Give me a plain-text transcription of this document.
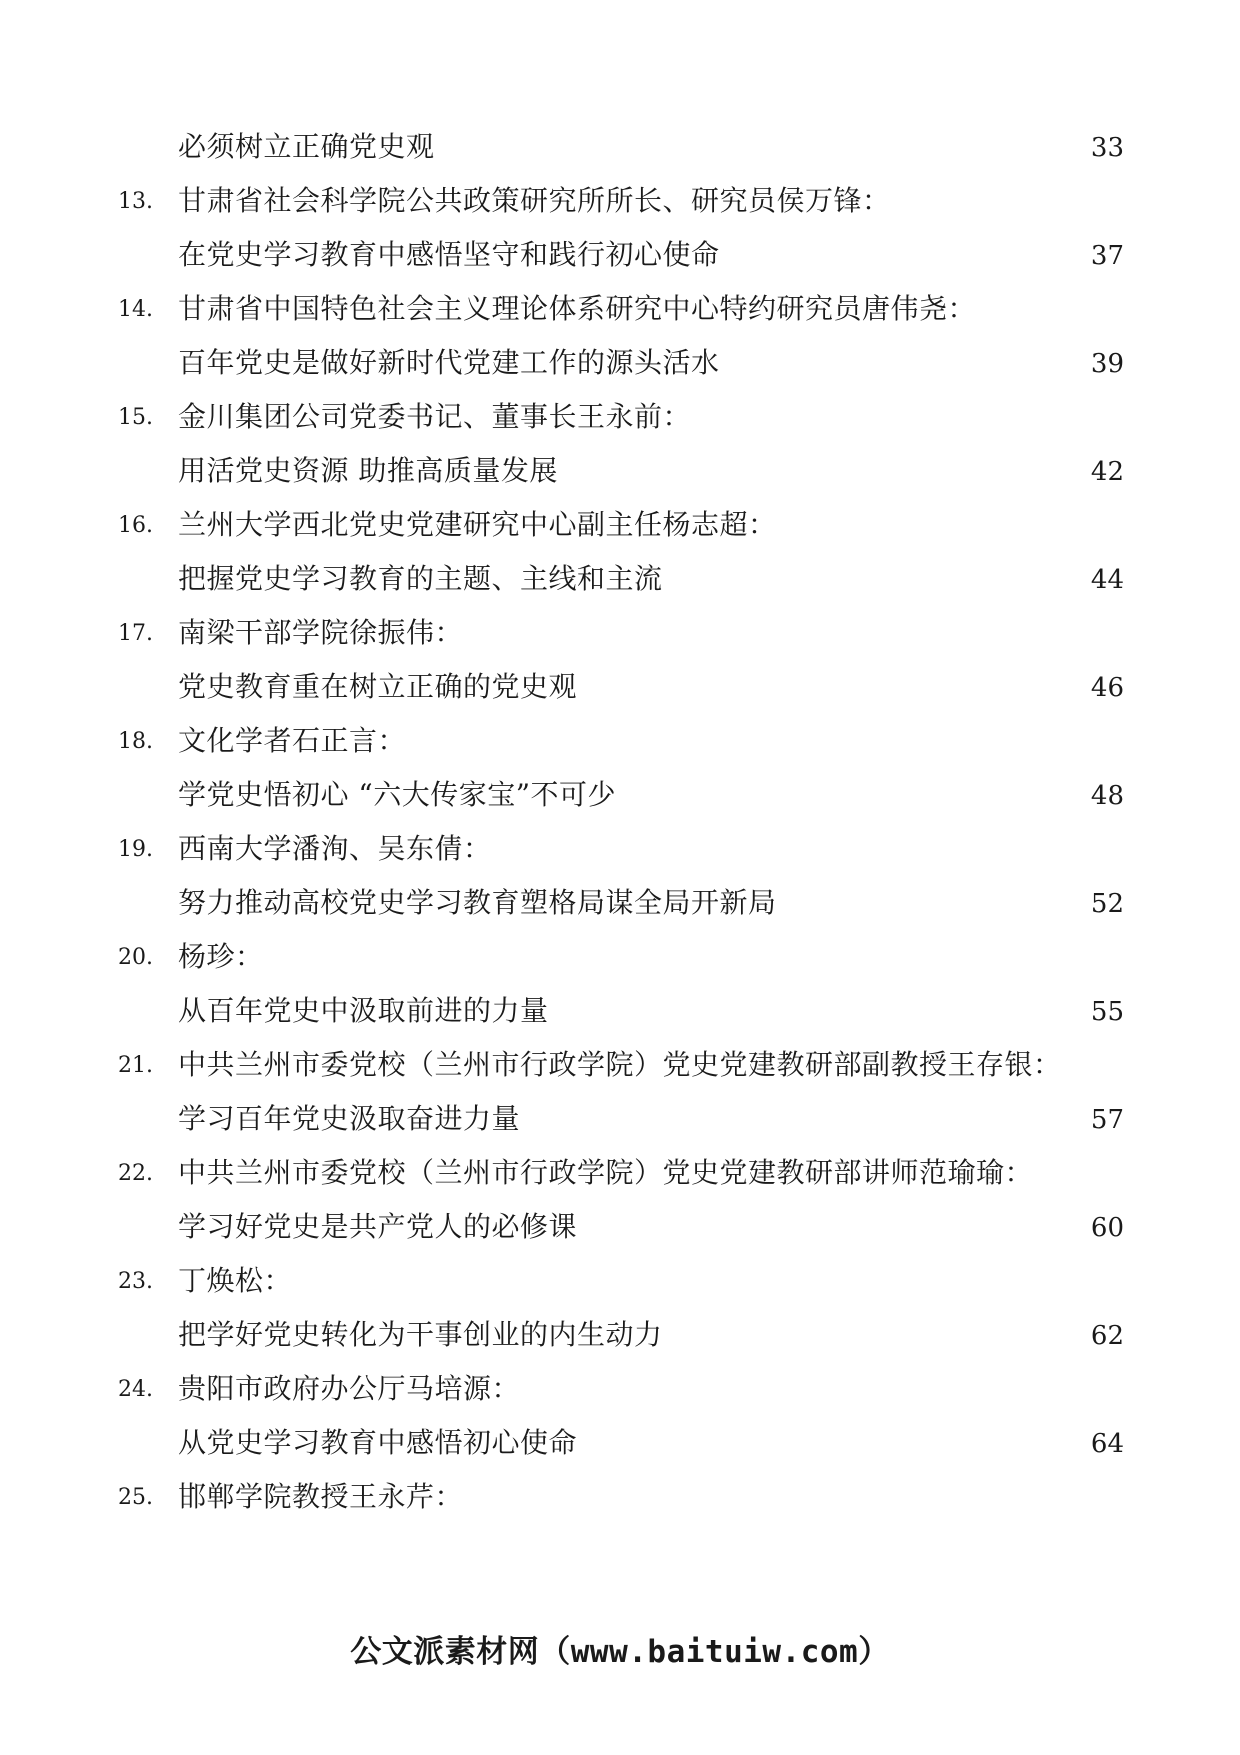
必须树立正确党史观	33
13. 甘肃省社会科学院公共政策研究所所长、研究员侯万锋：
在党史学习教育中感悟坚守和践行初心使命	37
14. 甘肃省中国特色社会主义理论体系研究中心特约研究员唐伟尧：
百年党史是做好新时代党建工作的源头活水	39
15. 金川集团公司党委书记、董事长王永前：
用活党史资源 助推高质量发展	42
16. 兰州大学西北党史党建研究中心副主任杨志超：
把握党史学习教育的主题、主线和主流	44
17. 南梁干部学院徐振伟：
党史教育重在树立正确的党史观	46
18. 文化学者石正言：
学党史悟初心 “六大传家宝”不可少	48
19. 西南大学潘洵、吴东倩：
努力推动高校党史学习教育塑格局谋全局开新局	52
20. 杨珍：
从百年党史中汲取前进的力量	55
21. 中共兰州市委党校（兰州市行政学院）党史党建教研部副教授王存银：
学习百年党史汲取奋进力量	57
22. 中共兰州市委党校（兰州市行政学院）党史党建教研部讲师范瑜瑜：
学习好党史是共产党人的必修课	60
23. 丁焕松：
把学好党史转化为干事创业的内生动力	62
24. 贵阳市政府办公厅马培源：
从党史学习教育中感悟初心使命	64
25. 邯郸学院教授王永芹：
公文派素材网（www.baituiw.com）
